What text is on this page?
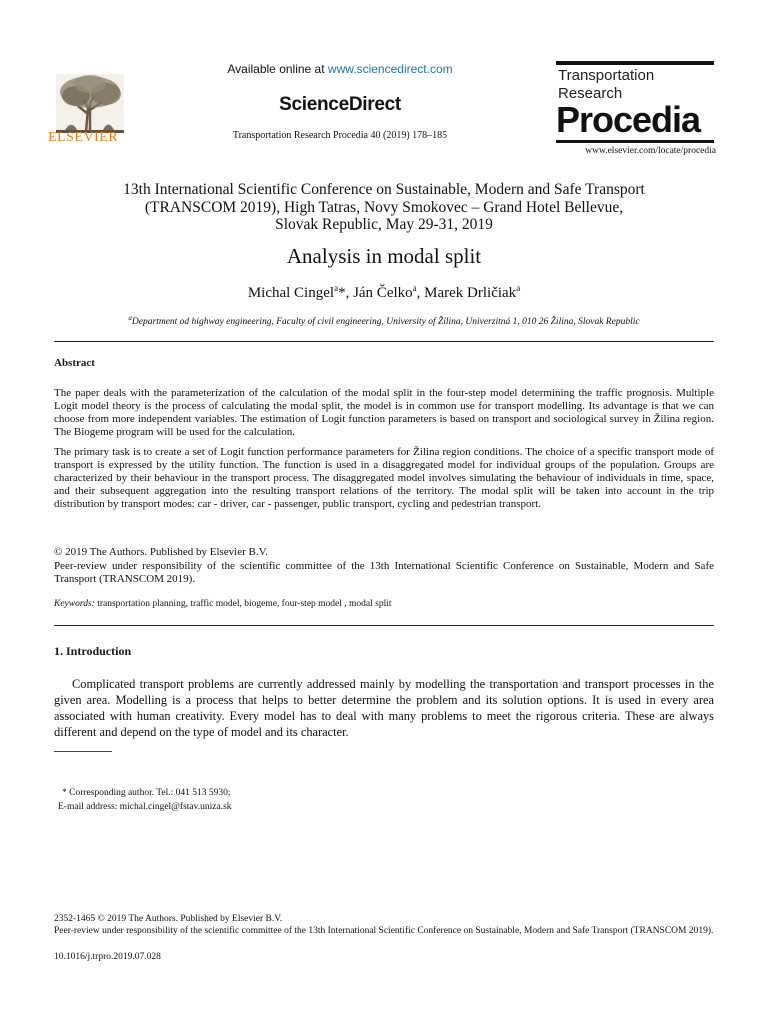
ELSEVIER
Available online at www.sciencedirect.com
ScienceDirect
Transportation Research Procedia 40 (2019) 178–185
Transportation
Research
Procedia
www.elsevier.com/locate/procedia
13th International Scientific Conference on Sustainable, Modern and Safe Transport
(TRANSCOM 2019), High Tatras, Novy Smokovec – Grand Hotel Bellevue,
Slovak Republic, May 29-31, 2019
Analysis in modal split
Michal Cingel$^a$*, Ján Čelko$^a$, Marek Drličiak$^a$
$^a$Department od highway engineering, Faculty of civil engineering, University of Žilina, Univerzitná 1, 010 26 Žilina, Slovak Republic
Abstract
The paper deals with the parameterization of the calculation of the modal split in the four-step model determining the traffic prognosis. Multiple Logit model theory is the process of calculating the modal split, the model is in common use for transport modelling. Its advantage is that we can choose from more independent variables. The estimation of Logit function parameters is based on transport and sociological survey in Žilina region. The Biogeme program will be used for the calculation.
The primary task is to create a set of Logit function performance parameters for Žilina region conditions. The choice of a specific transport mode of transport is expressed by the utility function. The function is used in a disaggregated model for individual groups of the population. Groups are characterized by their behaviour in the transport process. The disaggregated model involves simulating the behaviour of individuals in time, space, and their subsequent aggregation into the resulting transport relations of the territory. The modal split will be taken into account in the trip distribution by transport modes: car - driver, car - passenger, public transport, cycling and pedestrian transport.
© 2019 The Authors. Published by Elsevier B.V.
Peer-review under responsibility of the scientific committee of the 13th International Scientific Conference on Sustainable, Modern and Safe Transport (TRANSCOM 2019).
Keywords: transportation planning, traffic model, biogeme, four-step model , modal split
1. Introduction
Complicated transport problems are currently addressed mainly by modelling the transportation and transport processes in the given area. Modelling is a process that helps to better determine the problem and its solution options. It is used in every area associated with human creativity. Every model has to deal with many problems to meet the rigorous criteria. These are always different and depend on the type of model and its character.
* Corresponding author. Tel.: 041 513 5930;
E-mail address: michal.cingel@fstav.uniza.sk
2352-1465 © 2019 The Authors. Published by Elsevier B.V.
Peer-review under responsibility of the scientific committee of the 13th International Scientific Conference on Sustainable, Modern and Safe Transport (TRANSCOM 2019).
10.1016/j.trpro.2019.07.028
